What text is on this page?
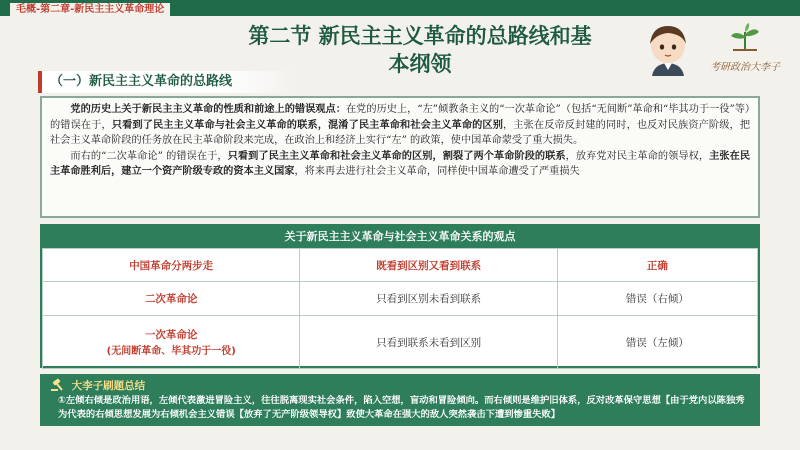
毛概-第二章-新民主主义革命理论
第二节 新民主主义革命的总路线和基
本纲领	考研政治大李子
（一）新民主主义革命的总路线

党的历史上关于新民主主义革命的性质和前途上的错误观点：在党的历史上，“左”倾教条主义的“一次革命论”（包括“无间断”革命和“毕其功于一役”等）的错误在于，只看到了民主主义革命与社会主义革命的联系，混淆了民主革命和社会主义革命的区别，主张在反帝反封建的同时，也反对民族资产阶级，把社会主义革命阶段的任务放在民主革命阶段来完成，在政治上和经济上实行“左” 的政策，使中国革命蒙受了重大损失。

而右的“二次革命论” 的错误在于，只看到了民主主义革命和社会主义革命的区别，割裂了两个革命阶段的联系，放弃党对民主革命的领导权，主张在民主革命胜利后，建立一个资产阶级专政的资本主义国家，将来再去进行社会主义革命，同样使中国革命遭受了严重损失

关于新民主主义革命与社会主义革命关系的观点
中国革命分两步走	既看到区别又看到联系	正确
二次革命论	只看到区别未看到联系	错误（右倾）
一次革命论
(无间断革命、毕其功于一役)	只看到联系未看到区别	错误（左倾）
大李子刷题总结
①左倾右倾是政治用语，左倾代表激进冒险主义，往往脱离现实社会条件，陷入空想，盲动和冒险倾向。而右倾则是维护旧体系，反对改革保守思想【由于党内以陈独秀为代表的右倾思想发展为右倾机会主义错误【放弃了无产阶级领导权】致使大革命在强大的敌人突然袭击下遭到惨重失败】
